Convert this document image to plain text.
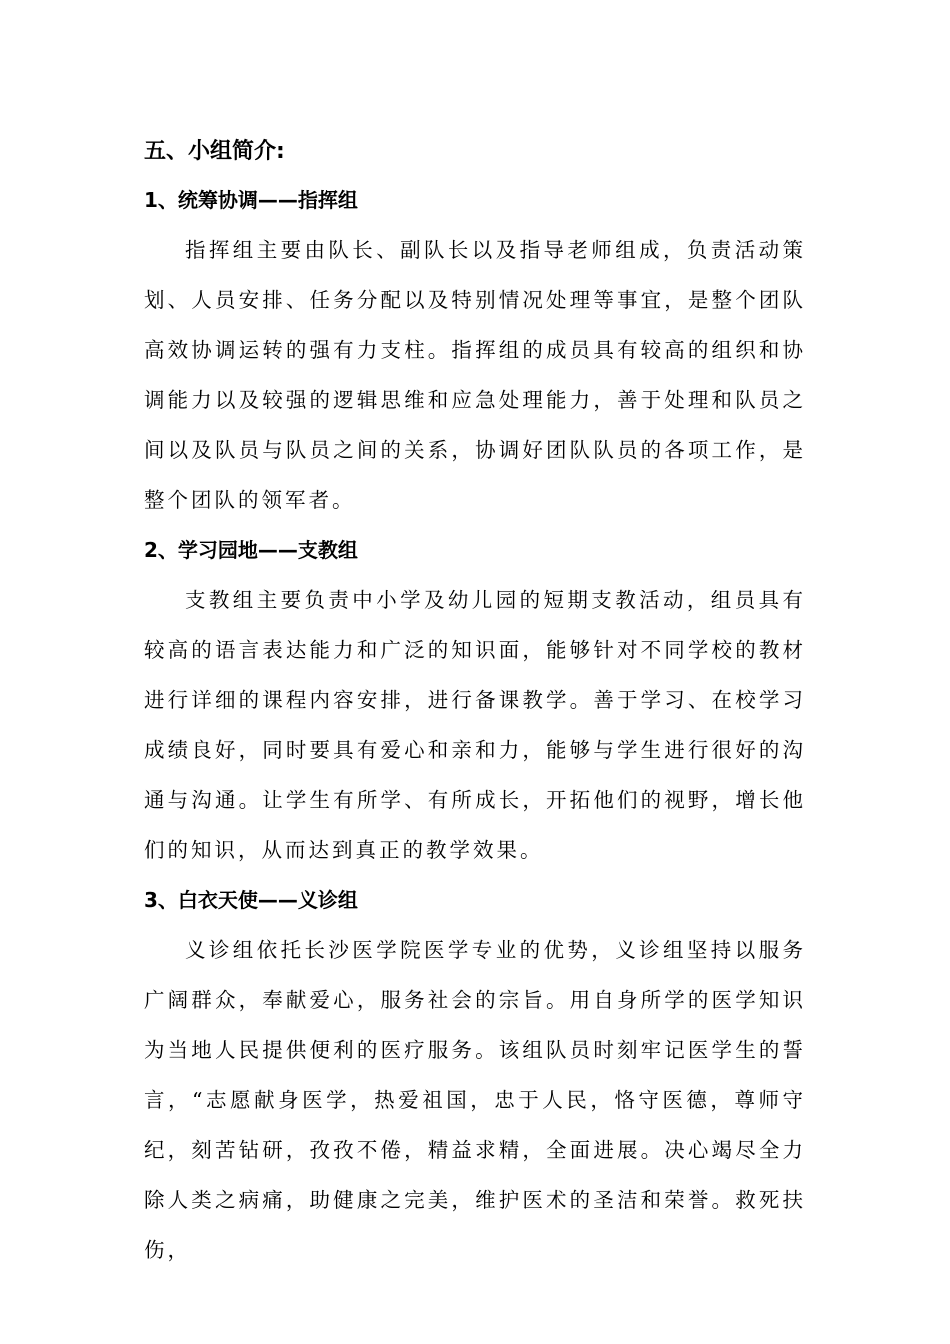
五、小组简介:
1、统筹协调——指挥组

指挥组主要由队长、副队长以及指导老师组成，负责活动策划、人员安排、任务分配以及特别情况处理等事宜，是整个团队高效协调运转的强有力支柱。指挥组的成员具有较高的组织和协调能力以及较强的逻辑思维和应急处理能力，善于处理和队员之间以及队员与队员之间的关系，协调好团队队员的各项工作，是整个团队的领军者。

2、学习园地——支教组

支教组主要负责中小学及幼儿园的短期支教活动，组员具有较高的语言表达能力和广泛的知识面，能够针对不同学校的教材进行详细的课程内容安排，进行备课教学。善于学习、在校学习成绩良好，同时要具有爱心和亲和力，能够与学生进行很好的沟通与沟通。让学生有所学、有所成长，开拓他们的视野，增长他们的知识，从而达到真正的教学效果。

3、白衣天使——义诊组

义诊组依托长沙医学院医学专业的优势，义诊组坚持以服务广阔群众，奉献爱心，服务社会的宗旨。用自身所学的医学知识为当地人民提供便利的医疗服务。该组队员时刻牢记医学生的誓言，“志愿献身医学，热爱祖国，忠于人民，恪守医德，尊师守纪，刻苦钻研，孜孜不倦，精益求精，全面进展。决心竭尽全力除人类之病痛，助健康之完美，维护医术的圣洁和荣誉。救死扶伤，
